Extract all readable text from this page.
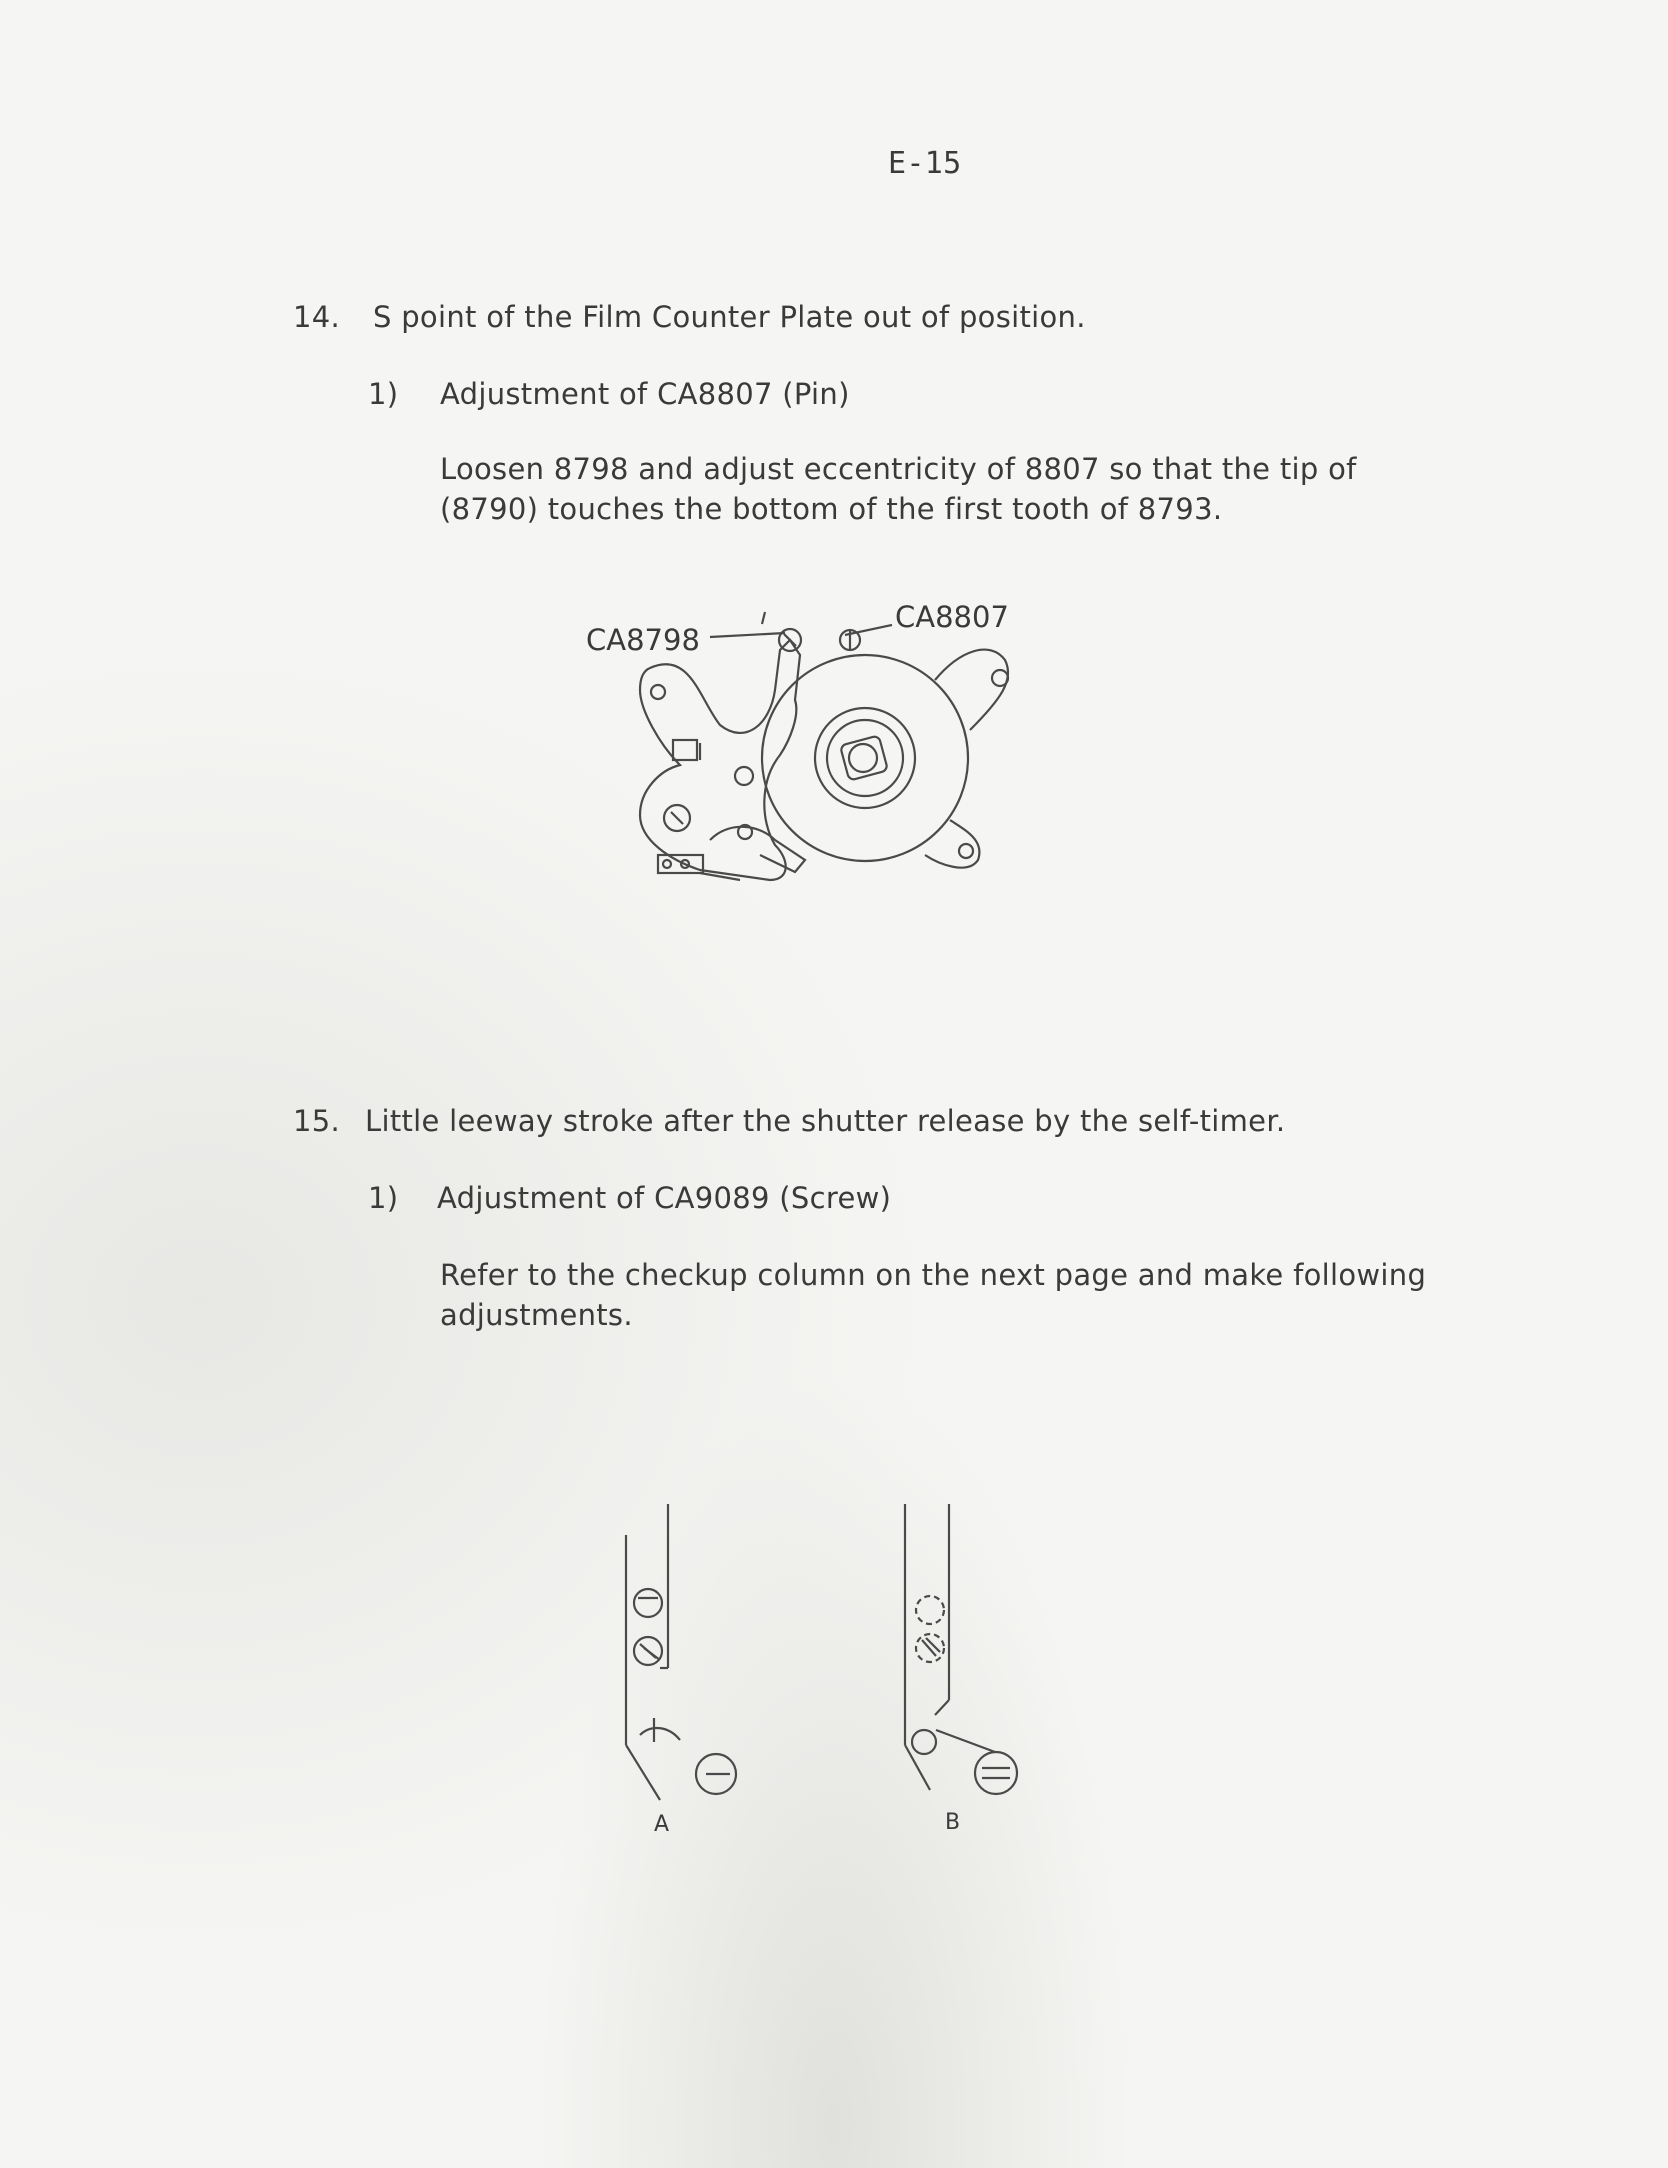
E-15
14. S point of the Film Counter Plate out of position.
1) Adjustment of CA8807 (Pin)
Loosen 8798 and adjust eccentricity of 8807 so that the tip of
(8790) touches the bottom of the first tooth of 8793.
CA8798
CA8807
15. Little leeway stroke after the shutter release by the self-timer.
1) Adjustment of CA9089 (Screw)
Refer to the checkup column on the next page and make following
adjustments.
A	B
